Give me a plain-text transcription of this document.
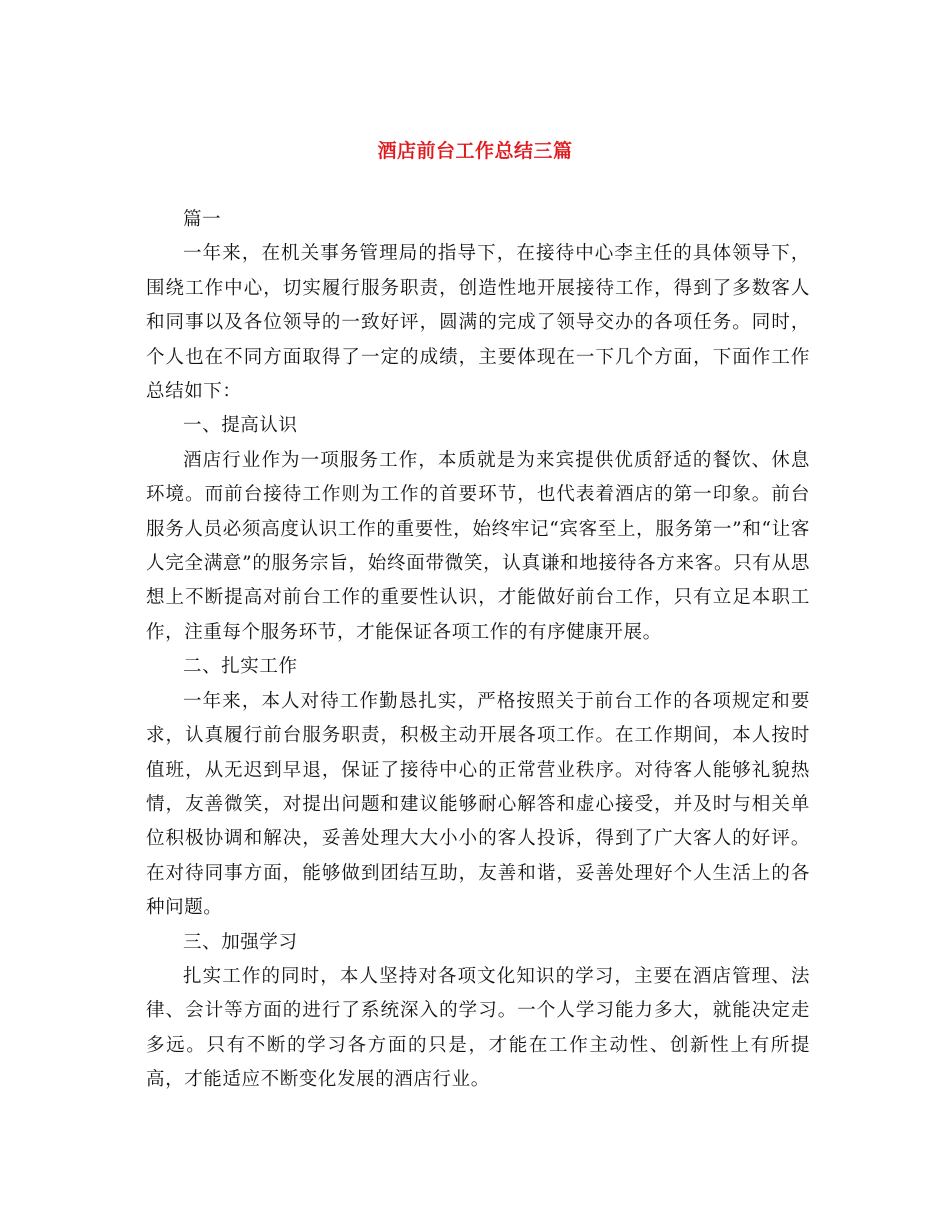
酒店前台工作总结三篇

篇一

一年来，在机关事务管理局的指导下，在接待中心李主任的具体领导下，围绕工作中心，切实履行服务职责，创造性地开展接待工作，得到了多数客人和同事以及各位领导的一致好评，圆满的完成了领导交办的各项任务。同时，个人也在不同方面取得了一定的成绩，主要体现在一下几个方面，下面作工作总结如下：

一、提高认识

酒店行业作为一项服务工作，本质就是为来宾提供优质舒适的餐饮、休息环境。而前台接待工作则为工作的首要环节，也代表着酒店的第一印象。前台服务人员必须高度认识工作的重要性，始终牢记“宾客至上，服务第一”和“让客人完全满意”的服务宗旨，始终面带微笑，认真谦和地接待各方来客。只有从思想上不断提高对前台工作的重要性认识，才能做好前台工作，只有立足本职工作，注重每个服务环节，才能保证各项工作的有序健康开展。

二、扎实工作

一年来，本人对待工作勤恳扎实，严格按照关于前台工作的各项规定和要求，认真履行前台服务职责，积极主动开展各项工作。在工作期间，本人按时值班，从无迟到早退，保证了接待中心的正常营业秩序。对待客人能够礼貌热情，友善微笑，对提出问题和建议能够耐心解答和虚心接受，并及时与相关单位积极协调和解决，妥善处理大大小小的客人投诉，得到了广大客人的好评。在对待同事方面，能够做到团结互助，友善和谐，妥善处理好个人生活上的各种问题。

三、加强学习

扎实工作的同时，本人坚持对各项文化知识的学习，主要在酒店管理、法律、会计等方面的进行了系统深入的学习。一个人学习能力多大，就能决定走多远。只有不断的学习各方面的只是，才能在工作主动性、创新性上有所提高，才能适应不断变化发展的酒店行业。
